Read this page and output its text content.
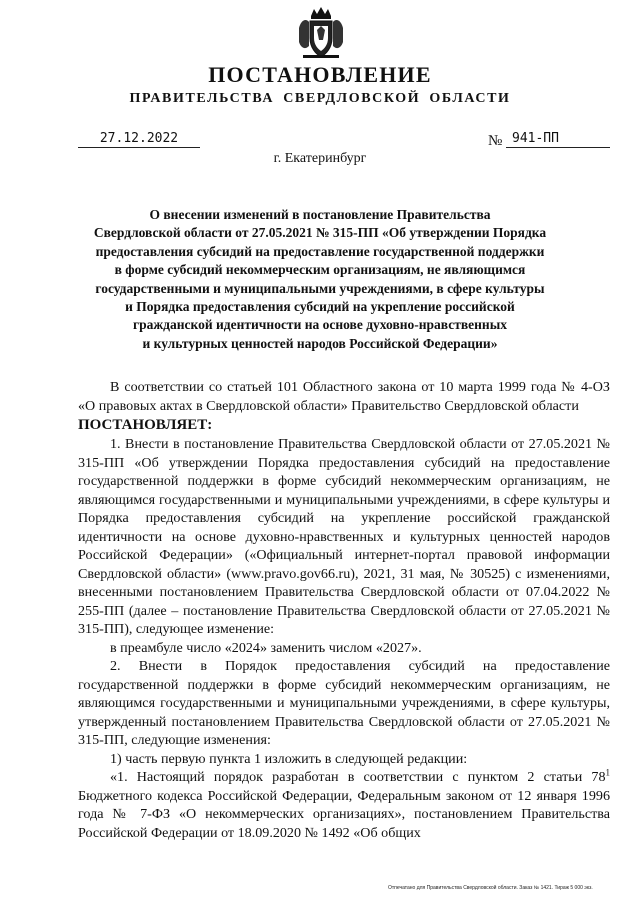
ПОСТАНОВЛЕНИЕ
ПРАВИТЕЛЬСТВА СВЕРДЛОВСКОЙ ОБЛАСТИ
27.12.2022	№ 941-ПП
г. Екатеринбург
О внесении изменений в постановление Правительства
Свердловской области от 27.05.2021 № 315-ПП «Об утверждении Порядка
предоставления субсидий на предоставление государственной поддержки
в форме субсидий некоммерческим организациям, не являющимся
государственными и муниципальными учреждениями, в сфере культуры
и Порядка предоставления субсидий на укрепление российской
гражданской идентичности на основе духовно-нравственных
и культурных ценностей народов Российской Федерации»

В соответствии со статьей 101 Областного закона от 10 марта 1999 года № 4-ОЗ «О правовых актах в Свердловской области» Правительство Свердловской области

ПОСТАНОВЛЯЕТ:

1. Внести в постановление Правительства Свердловской области от 27.05.2021 № 315-ПП «Об утверждении Порядка предоставления субсидий на предоставление государственной поддержки в форме субсидий некоммерческим организациям, не являющимся государственными и муниципальными учреждениями, в сфере культуры и Порядка предоставления субсидий на укрепление российской гражданской идентичности на основе духовно-нравственных и культурных ценностей народов Российской Федерации» («Официальный интернет-портал правовой информации Свердловской области» (www.pravo.gov66.ru), 2021, 31 мая, № 30525) с изменениями, внесенными постановлением Правительства Свердловской области от 07.04.2022 № 255-ПП (далее – постановление Правительства Свердловской области от 27.05.2021 № 315-ПП), следующее изменение:

в преамбуле число «2024» заменить числом «2027».

2. Внести в Порядок предоставления субсидий на предоставление государственной поддержки в форме субсидий некоммерческим организациям, не являющимся государственными и муниципальными учреждениями, в сфере культуры, утвержденный постановлением Правительства Свердловской области от 27.05.2021 № 315-ПП, следующие изменения:

1) часть первую пункта 1 изложить в следующей редакции:

«1. Настоящий порядок разработан в соответствии с пунктом 2 статьи $78^1$ Бюджетного кодекса Российской Федерации, Федеральным законом от 12 января 1996 года № 7-ФЗ «О некоммерческих организациях», постановлением Правительства Российской Федерации от 18.09.2020 № 1492 «Об общих

Отпечатано для Правительства Свердловской области. Заказ № 1421. Тираж 5 000 экз.
